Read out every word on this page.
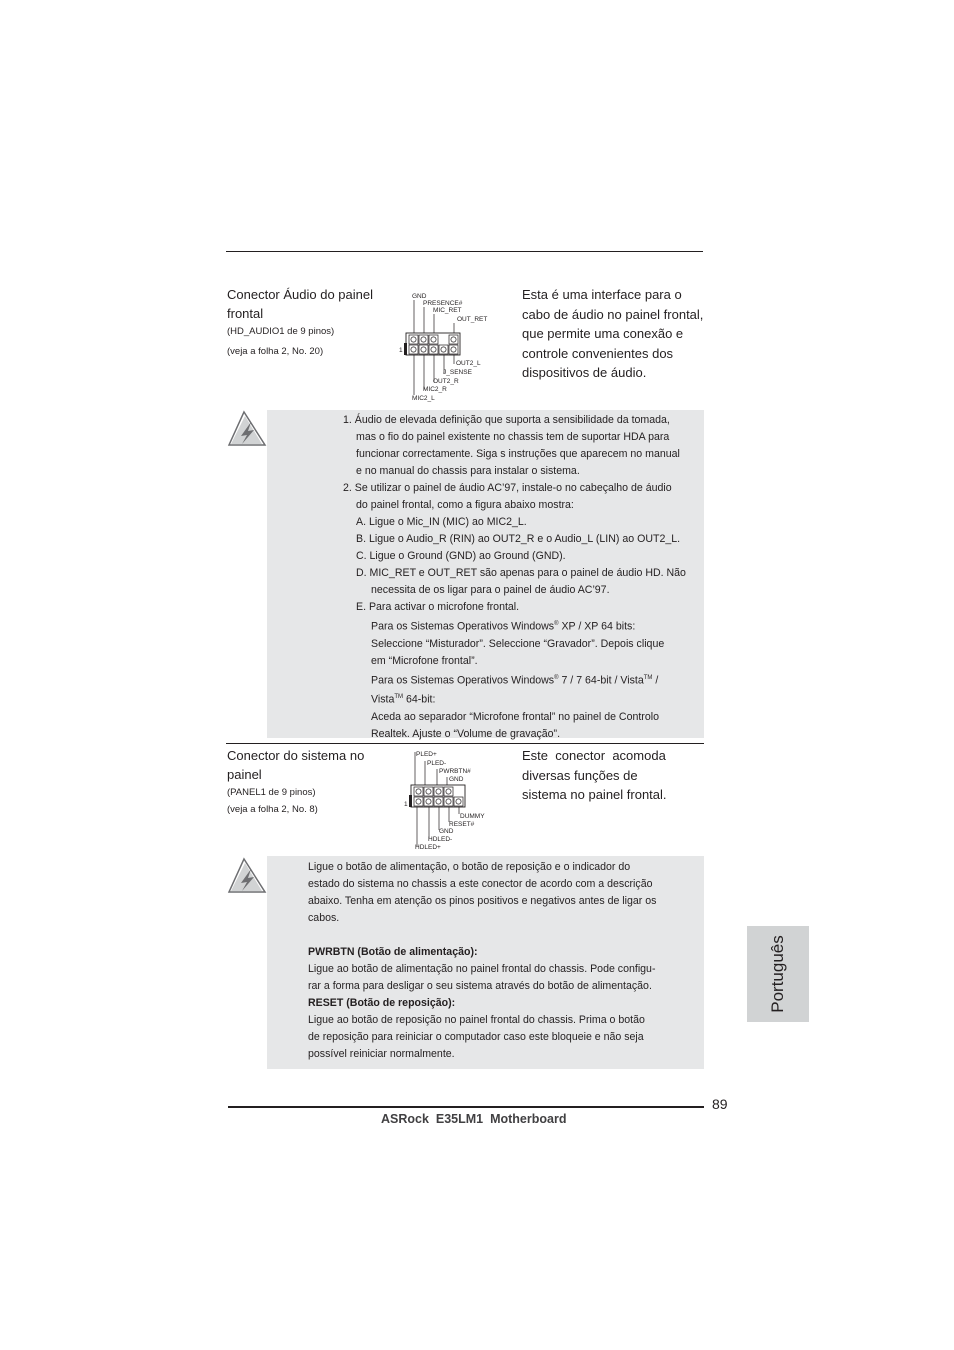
Conector Áudio do painel
frontal
(HD_AUDIO1 de 9 pinos)
(veja a folha 2, No. 20)
GND
PRESENCE#
MIC_RET
OUT_RET
1
OUT2_L
J_SENSE
OUT2_R
MIC2_R
MIC2_L
Esta é uma interface para o
cabo de áudio no painel frontal,
que permite uma conexão e
controle convenientes dos
dispositivos de áudio.

1. Áudio de elevada definição que suporta a sensibilidade da tomada,

mas o fio do painel existente no chassis tem de suportar HDA para

funcionar correctamente. Siga s instruções que aparecem no manual

e no manual do chassis para instalar o sistema.

2. Se utilizar o painel de áudio AC’97, instale-o no cabeçalho de áudio

do painel frontal, como a figura abaixo mostra:

A. Ligue o Mic_IN (MIC) ao MIC2_L.

B. Ligue o Audio_R (RIN) ao OUT2_R e o Audio_L (LIN) ao OUT2_L.

C. Ligue o Ground (GND) ao Ground (GND).

D. MIC_RET e OUT_RET são apenas para o painel de áudio HD. Não

necessita de os ligar para o painel de áudio AC’97.

E. Para activar o microfone frontal.

Para os Sistemas Operativos Windows® XP / XP 64 bits:

Seleccione “Misturador”. Seleccione “Gravador”. Depois clique

em “Microfone frontal”.

Para os Sistemas Operativos Windows® 7 / 7 64-bit / Vista™ /

Vista™ 64-bit:

Aceda ao separador “Microfone frontal” no painel de Controlo

Realtek. Ajuste o “Volume de gravação”.

Conector do sistema no
painel
(PANEL1 de 9 pinos)
(veja a folha 2, No. 8)
PLED+
PLED-
PWRBTN#
GND
1
DUMMY
RESET#
GND
HDLED-
HDLED+
Este  conector  acomoda
diversas funções de
sistema no painel frontal.

Ligue o botão de alimentação, o botão de reposição e o indicador do

estado do sistema no chassis a este conector de acordo com a descrição

abaixo. Tenha em atenção os pinos positivos e negativos antes de ligar os

cabos.

PWRBTN (Botão de alimentação):

Ligue ao botão de alimentação no painel frontal do chassis. Pode configu-

rar a forma para desligar o seu sistema através do botão de alimentação.

RESET (Botão de reposição):

Ligue ao botão de reposição no painel frontal do chassis. Prima o botão

de reposição para reiniciar o computador caso este bloqueie e não seja

possível reiniciar normalmente.

Português
89
ASRock  E35LM1  Motherboard
